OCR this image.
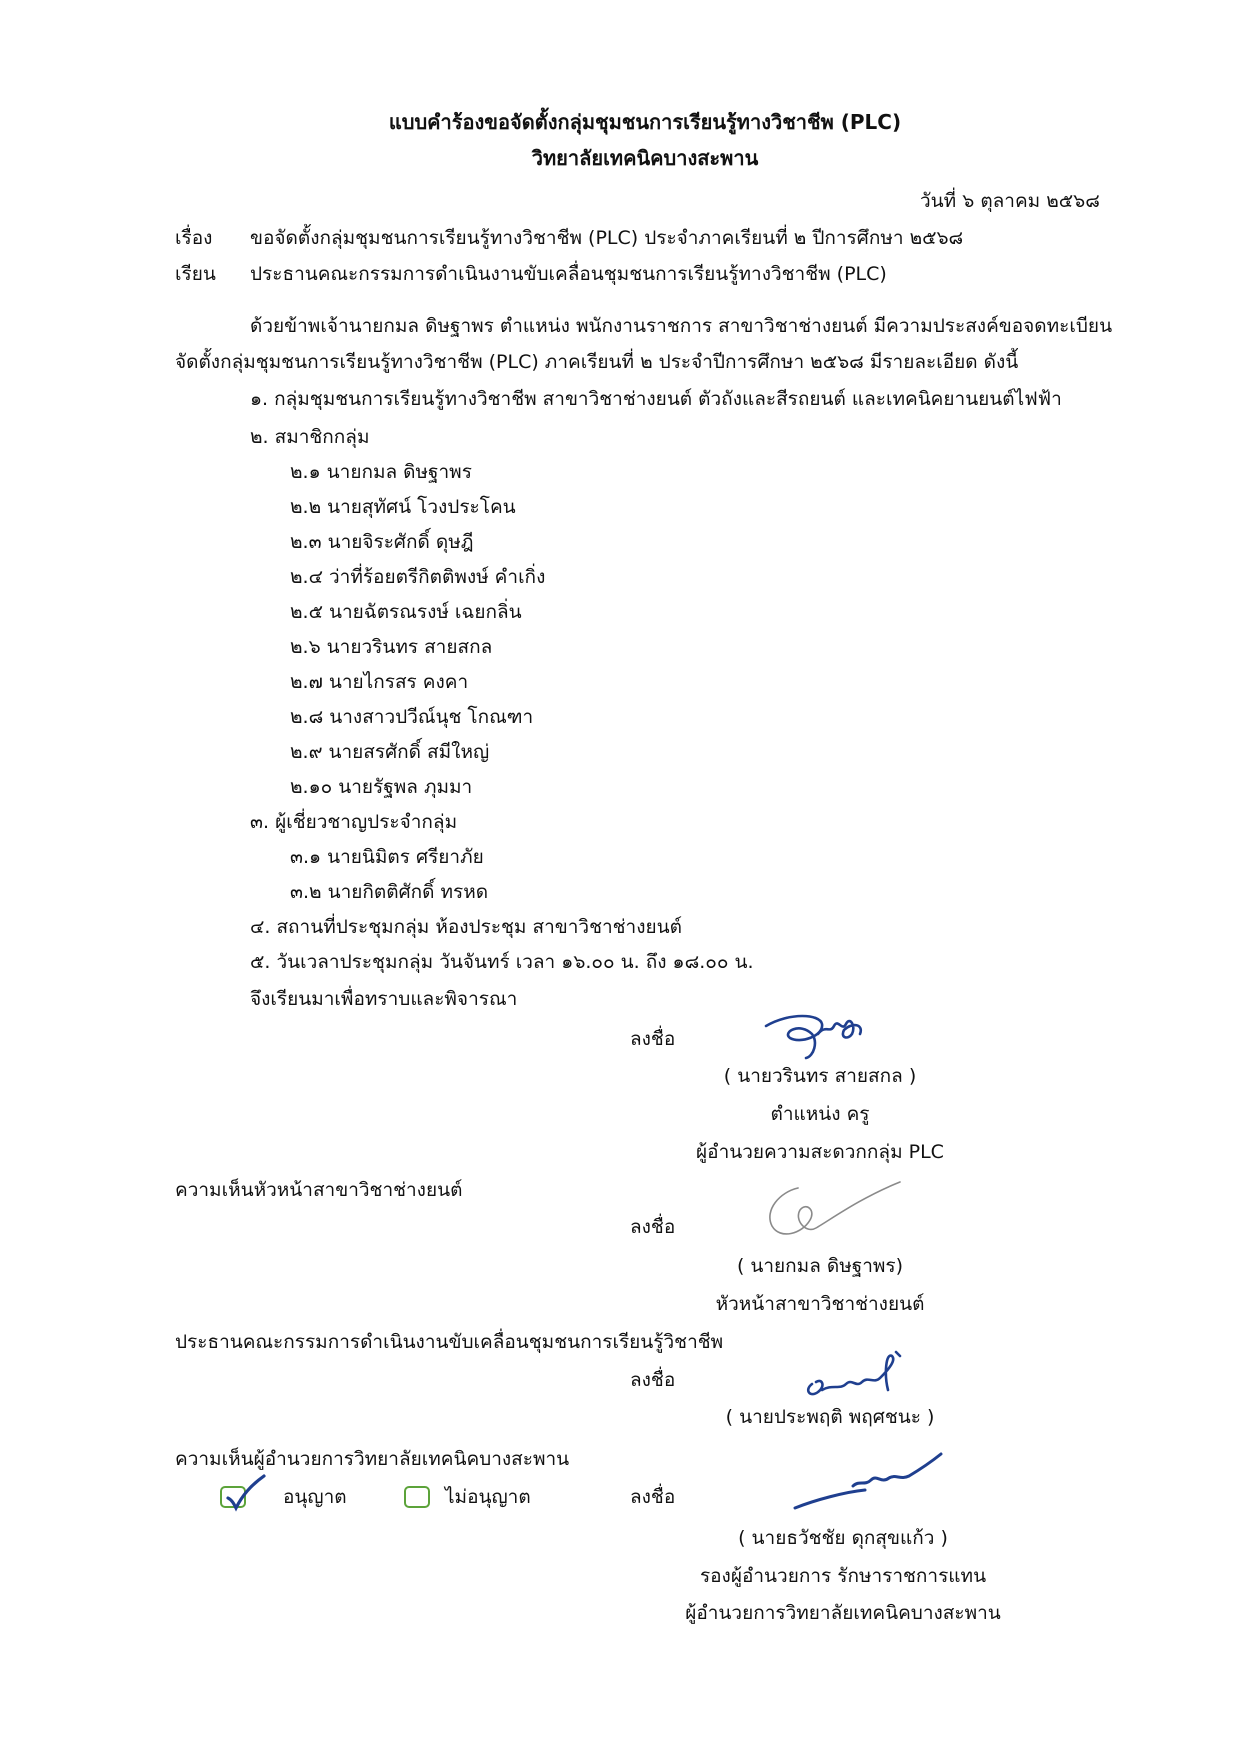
แบบคำร้องขอจัดตั้งกลุ่มชุมชนการเรียนรู้ทางวิชาชีพ (PLC)
วิทยาลัยเทคนิคบางสะพาน
วันที่ ๖ ตุลาคม ๒๕๖๘
เรื่อง ขอจัดตั้งกลุ่มชุมชนการเรียนรู้ทางวิชาชีพ (PLC) ประจำภาคเรียนที่ ๒ ปีการศึกษา ๒๕๖๘
เรียน ประธานคณะกรรมการดำเนินงานขับเคลื่อนชุมชนการเรียนรู้ทางวิชาชีพ (PLC)
ด้วยข้าพเจ้านายกมล ดิษฐาพร ตำแหน่ง พนักงานราชการ สาขาวิชาช่างยนต์ มีความประสงค์ขอจดทะเบียน
จัดตั้งกลุ่มชุมชนการเรียนรู้ทางวิชาชีพ (PLC) ภาคเรียนที่ ๒ ประจำปีการศึกษา ๒๕๖๘ มีรายละเอียด ดังนี้
๑. กลุ่มชุมชนการเรียนรู้ทางวิชาชีพ สาขาวิชาช่างยนต์ ตัวถังและสีรถยนต์ และเทคนิคยานยนต์ไฟฟ้า
๒. สมาชิกกลุ่ม
๒.๑ นายกมล ดิษฐาพร
๒.๒ นายสุทัศน์ โวงประโคน
๒.๓ นายจิระศักดิ์ ดุษฎี
๒.๔ ว่าที่ร้อยตรีกิตติพงษ์ คำเกิ่ง
๒.๕ นายฉัตรณรงษ์ เฉยกลิ่น
๒.๖ นายวรินทร สายสกล
๒.๗ นายไกรสร คงคา
๒.๘ นางสาวปวีณ์นุช โกณฑา
๒.๙ นายสรศักดิ์ สมีใหญ่
๒.๑๐ นายรัฐพล ภุมมา
๓. ผู้เชี่ยวชาญประจำกลุ่ม
๓.๑ นายนิมิตร ศรียาภัย
๓.๒ นายกิตติศักดิ์ ทรหด
๔. สถานที่ประชุมกลุ่ม ห้องประชุม สาขาวิชาช่างยนต์
๕. วันเวลาประชุมกลุ่ม วันจันทร์ เวลา ๑๖.๐๐ น. ถึง ๑๘.๐๐ น.
จึงเรียนมาเพื่อทราบและพิจารณา
ลงชื่อ
( นายวรินทร สายสกล )
ตำแหน่ง ครู
ผู้อำนวยความสะดวกกลุ่ม PLC
ความเห็นหัวหน้าสาขาวิชาช่างยนต์
ลงชื่อ
( นายกมล ดิษฐาพร)
หัวหน้าสาขาวิชาช่างยนต์
ประธานคณะกรรมการดำเนินงานขับเคลื่อนชุมชนการเรียนรู้วิชาชีพ
ลงชื่อ
( นายประพฤติ พฤศชนะ )
ความเห็นผู้อำนวยการวิทยาลัยเทคนิคบางสะพาน
อนุญาต	ไม่อนุญาต	ลงชื่อ
( นายธวัชชัย ดุกสุขแก้ว )
รองผู้อำนวยการ รักษาราชการแทน
ผู้อำนวยการวิทยาลัยเทคนิคบางสะพาน
